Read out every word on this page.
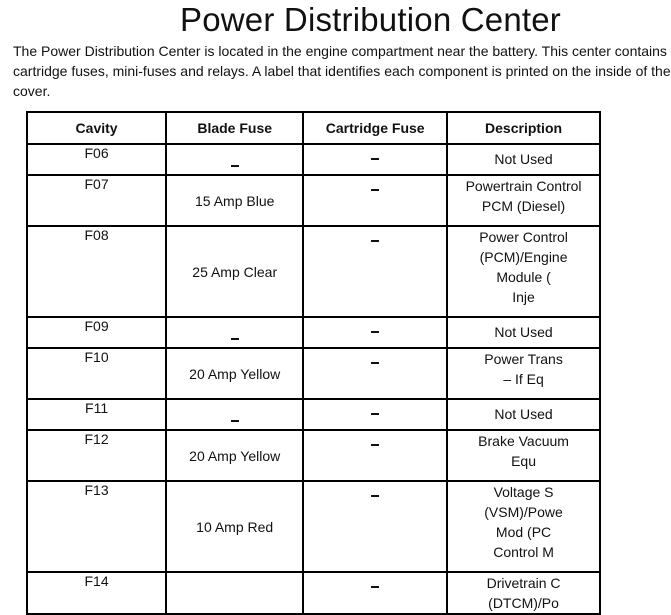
Power Distribution Center

The Power Distribution Center is located in the engine compartment near the battery. This center contains
cartridge fuses, mini-fuses and relays. A label that identifies each component is printed on the inside of the
cover.

Cavity	Blade Fuse	Cartridge Fuse	Description
F06			Not Used

F07	15 Amp Blue		Powertrain Control
PCM (Diesel)

F08	25 Amp Clear		Power Control
(PCM)/Engine
Module (
Inje

F09			Not Used

F10	20 Amp Yellow		Power Trans
– If Eq

F11			Not Used

F12	20 Amp Yellow		Brake Vacuum
Equ

F13	10 Amp Red		Voltage S
(VSM)/Powe
Mod (PC
Control M

F14			Drivetrain C
(DTCM)/Po
